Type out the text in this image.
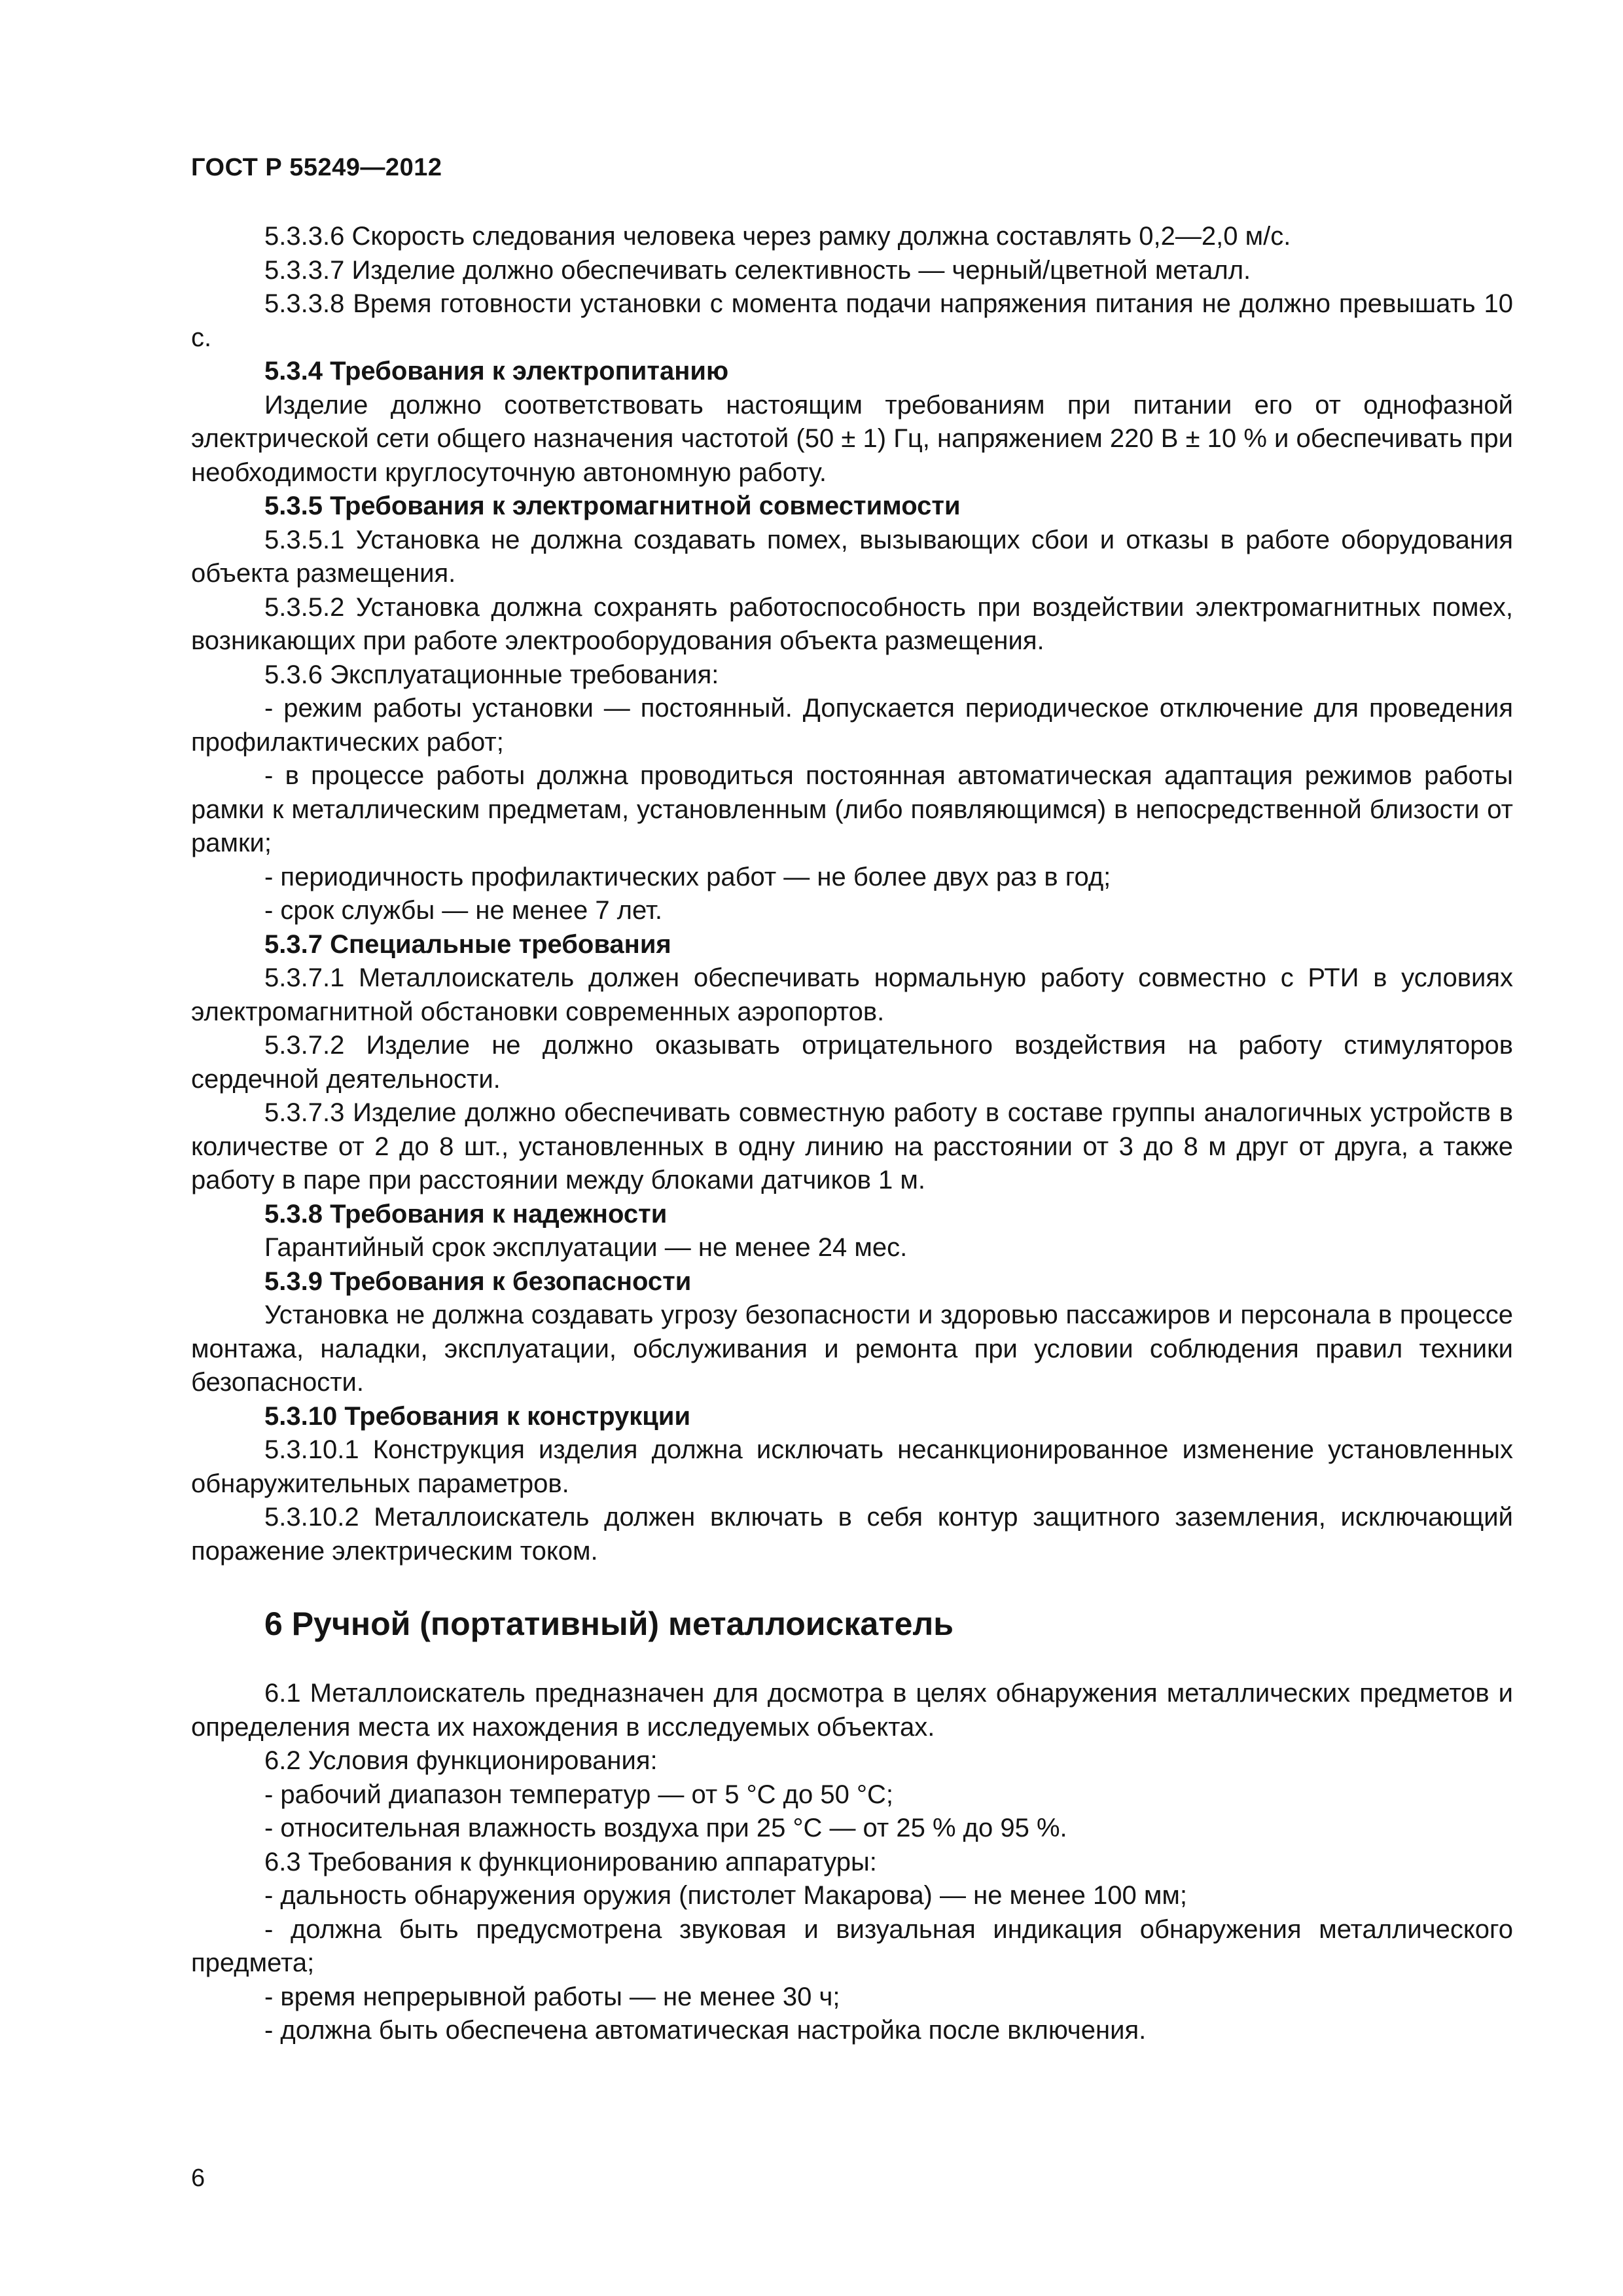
ГОСТ Р 55249—2012

5.3.3.6 Скорость следования человека через рамку должна составлять 0,2—2,0 м/с.

5.3.3.7 Изделие должно обеспечивать селективность — черный/цветной металл.

5.3.3.8 Время готовности установки с момента подачи напряжения питания не должно превышать 10 с.

5.3.4 Требования к электропитанию

Изделие должно соответствовать настоящим требованиям при питании его от однофазной электрической сети общего назначения частотой (50 ± 1) Гц, напряжением 220 В ± 10 % и обеспечивать при необходимости круглосуточную автономную работу.

5.3.5 Требования к электромагнитной совместимости

5.3.5.1 Установка не должна создавать помех, вызывающих сбои и отказы в работе оборудования объекта размещения.

5.3.5.2 Установка должна сохранять работоспособность при воздействии электромагнитных помех, возникающих при работе электрооборудования объекта размещения.

5.3.6 Эксплуатационные требования:

- режим работы установки — постоянный. Допускается периодическое отключение для проведения профилактических работ;

- в процессе работы должна проводиться постоянная автоматическая адаптация режимов работы рамки к металлическим предметам, установленным (либо появляющимся) в непосредственной близости от рамки;

- периодичность профилактических работ — не более двух раз в год;

- срок службы — не менее 7 лет.

5.3.7 Специальные требования

5.3.7.1 Металлоискатель должен обеспечивать нормальную работу совместно с РТИ в условиях электромагнитной обстановки современных аэропортов.

5.3.7.2 Изделие не должно оказывать отрицательного воздействия на работу стимуляторов сердечной деятельности.

5.3.7.3 Изделие должно обеспечивать совместную работу в составе группы аналогичных устройств в количестве от 2 до 8 шт., установленных в одну линию на расстоянии от 3 до 8 м друг от друга, а также работу в паре при расстоянии между блоками датчиков 1 м.

5.3.8 Требования к надежности

Гарантийный срок эксплуатации — не менее 24 мес.

5.3.9 Требования к безопасности

Установка не должна создавать угрозу безопасности и здоровью пассажиров и персонала в процессе монтажа, наладки, эксплуатации, обслуживания и ремонта при условии соблюдения правил техники безопасности.

5.3.10 Требования к конструкции

5.3.10.1 Конструкция изделия должна исключать несанкционированное изменение установленных обнаружительных параметров.

5.3.10.2 Металлоискатель должен включать в себя контур защитного заземления, исключающий поражение электрическим током.

6 Ручной (портативный) металлоискатель

6.1 Металлоискатель предназначен для досмотра в целях обнаружения металлических предметов и определения места их нахождения в исследуемых объектах.

6.2 Условия функционирования:

- рабочий диапазон температур — от 5 °С до 50 °С;

- относительная влажность воздуха при 25 °С — от 25 % до 95 %.

6.3 Требования к функционированию аппаратуры:

- дальность обнаружения оружия (пистолет Макарова) — не менее 100 мм;

- должна быть предусмотрена звуковая и визуальная индикация обнаружения металлического предмета;

- время непрерывной работы — не менее 30 ч;

- должна быть обеспечена автоматическая настройка после включения.

6
